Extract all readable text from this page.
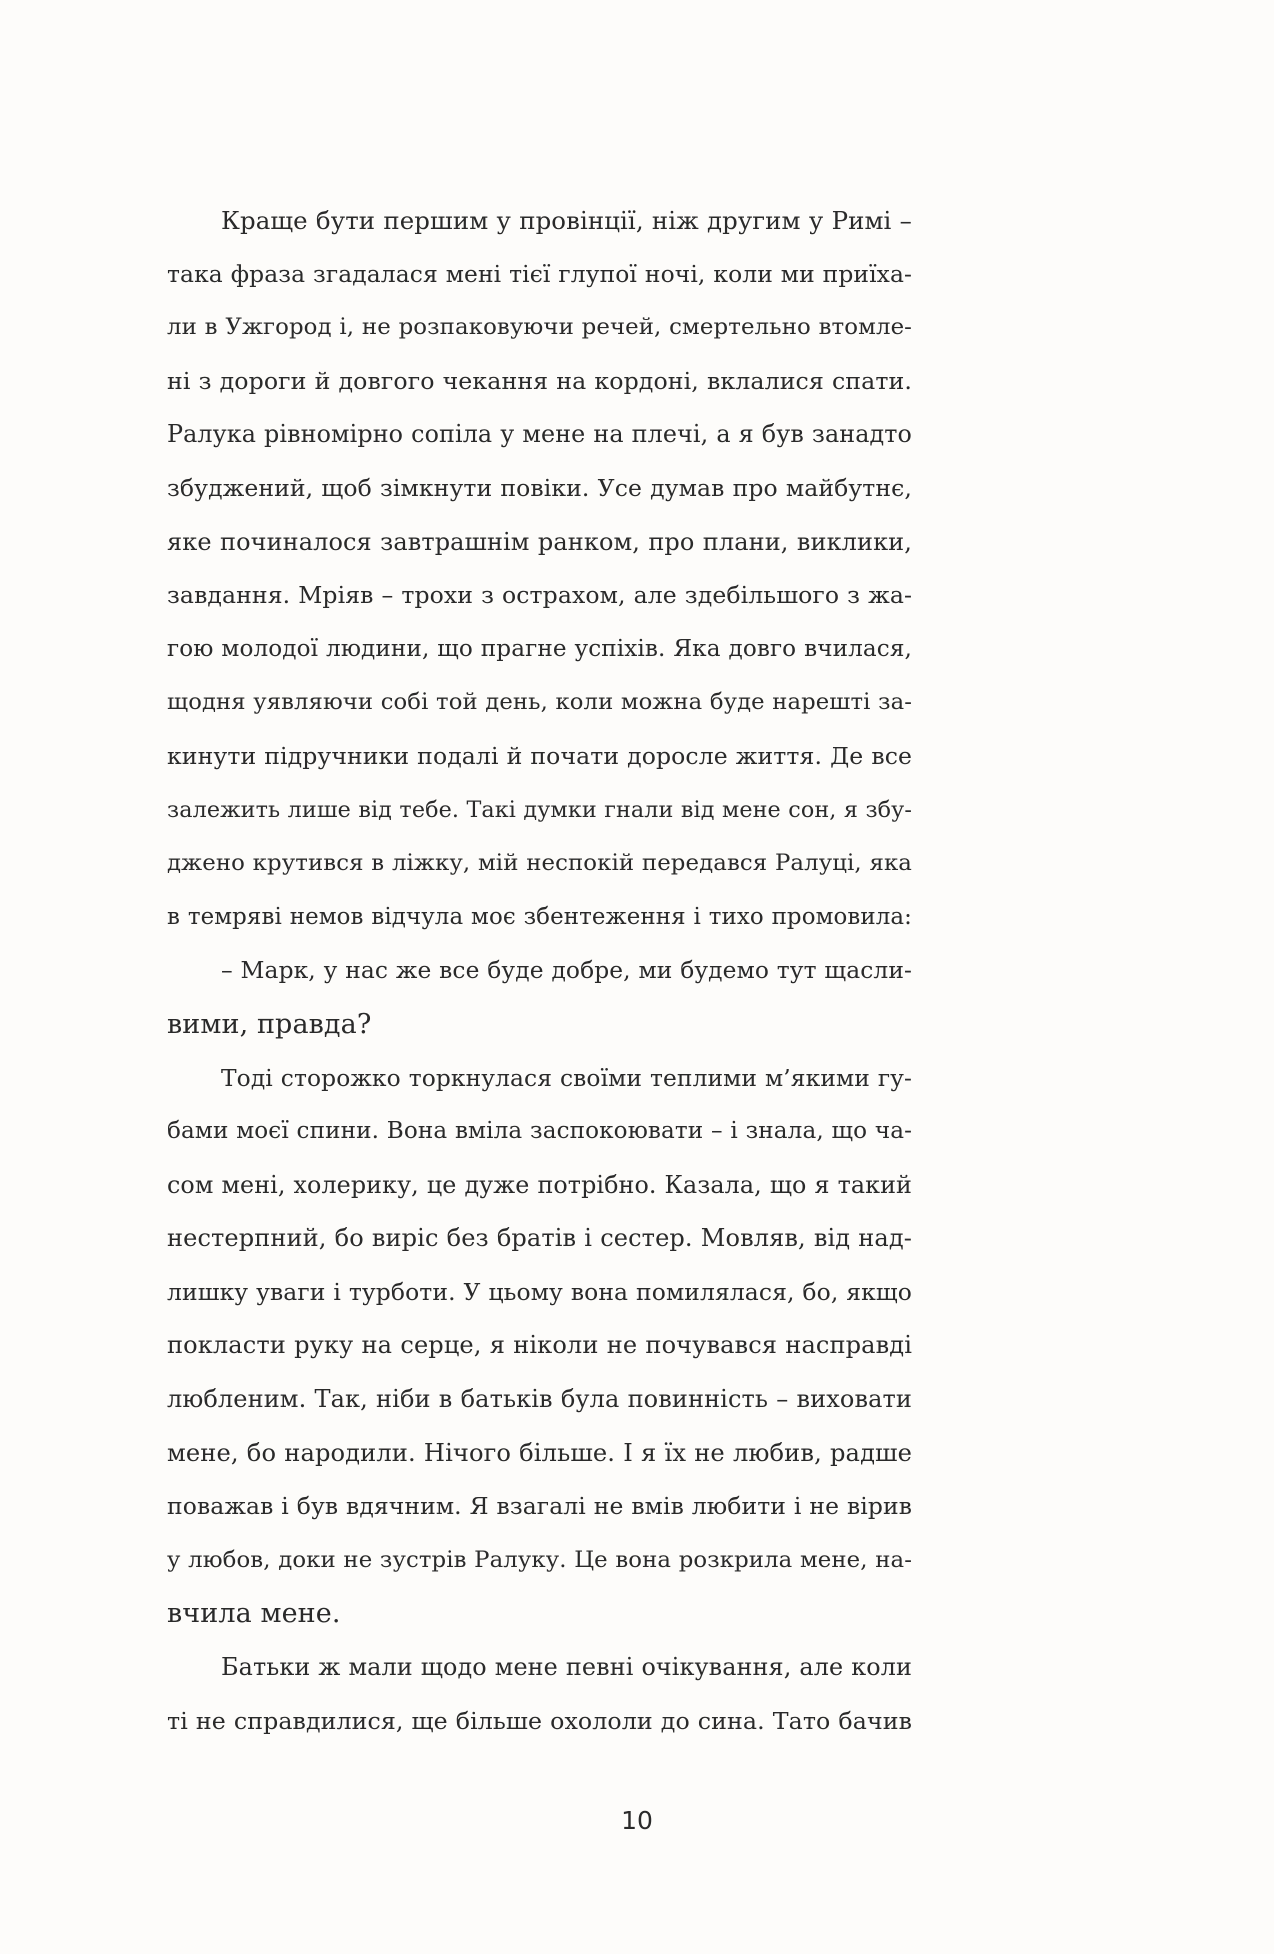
Краще бути першим у провінції, ніж другим у Римі –
така фраза згадалася мені тієї глупої ночі, коли ми приїха-
ли в Ужгород і, не розпаковуючи речей, смертельно втомле-
ні з дороги й довгого чекання на кордоні, вклалися спати.
Ралука рівномірно сопіла у мене на плечі, а я був занадто
збуджений, щоб зімкнути повіки. Усе думав про майбутнє,
яке починалося завтрашнім ранком, про плани, виклики,
завдання. Мріяв – трохи з острахом, але здебільшого з жа-
гою молодої людини, що прагне успіхів. Яка довго вчилася,
щодня уявляючи собі той день, коли можна буде нарешті за-
кинути підручники подалі й почати доросле життя. Де все
залежить лише від тебе. Такі думки гнали від мене сон, я збу-
джено крутився в ліжку, мій неспокій передався Ралуці, яка
в темряві немов відчула моє збентеження і тихо промовила:
– Марк, у нас же все буде добре, ми будемо тут щасли-
вими, правда?
Тоді сторожко торкнулася своїми теплими м’якими гу-
бами моєї спини. Вона вміла заспокоювати – і знала, що ча-
сом мені, холерику, це дуже потрібно. Казала, що я такий
нестерпний, бо виріс без братів і сестер. Мовляв, від над-
лишку уваги і турботи. У цьому вона помилялася, бо, якщо
покласти руку на серце, я ніколи не почувався насправді
любленим. Так, ніби в батьків була повинність – виховати
мене, бо народили. Нічого більше. І я їх не любив, радше
поважав і був вдячним. Я взагалі не вмів любити і не вірив
у любов, доки не зустрів Ралуку. Це вона розкрила мене, на-
вчила мене.
Батьки ж мали щодо мене певні очікування, але коли
ті не справдилися, ще більше охололи до сина. Тато бачив
10
